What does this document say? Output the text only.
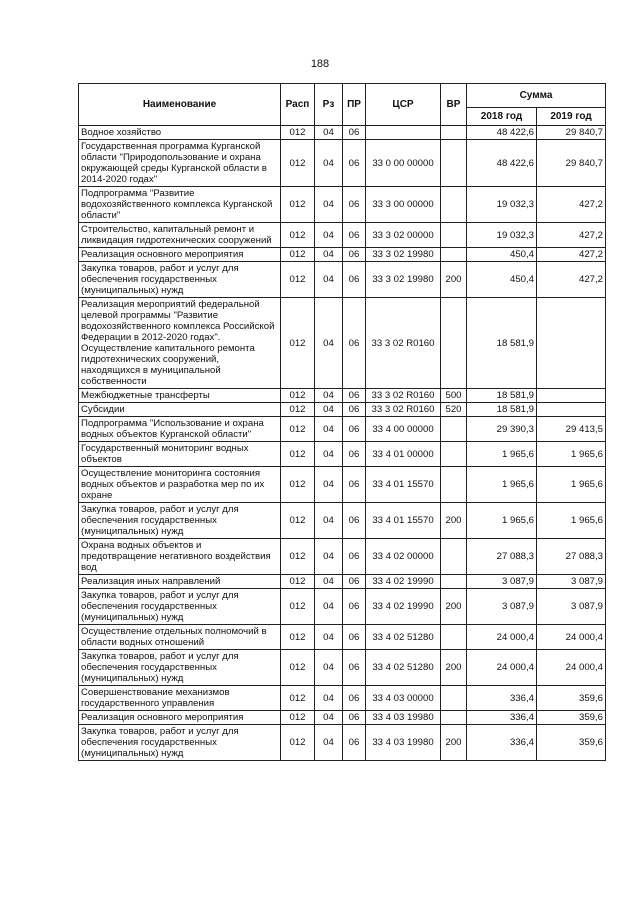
188
Наименование	Расп	Рз	ПР	ЦСР	ВР	Сумма	
						2018 год	2019 год
Водное хозяйство	012	04	06			48 422,6	29 840,7
Государственная программа Курганской области "Природопользование и охрана окружающей среды Курганской области в 2014-2020 годах"	012	04	06	33 0 00 00000		48 422,6	29 840,7
Подпрограмма "Развитие водохозяйственного комплекса Курганской области"	012	04	06	33 3 00 00000		19 032,3	427,2
Строительство, капитальный ремонт и ликвидация гидротехнических сооружений	012	04	06	33 3 02 00000		19 032,3	427,2
Реализация основного мероприятия	012	04	06	33 3 02 19980		450,4	427,2
Закупка товаров, работ и услуг для обеспечения государственных (муниципальных) нужд	012	04	06	33 3 02 19980	200	450,4	427,2
Реализация мероприятий федеральной целевой программы "Развитие водохозяйственного комплекса Российской Федерации в 2012-2020 годах". Осуществление капитального ремонта гидротехнических сооружений, находящихся в муниципальной собственности	012	04	06	33 3 02 R0160		18 581,9	
Межбюджетные трансферты	012	04	06	33 3 02 R0160	500	18 581,9	
Субсидии	012	04	06	33 3 02 R0160	520	18 581,9	
Подпрограмма "Использование и охрана водных объектов Курганской области"	012	04	06	33 4 00 00000		29 390,3	29 413,5
Государственный мониторинг водных объектов	012	04	06	33 4 01 00000		1 965,6	1 965,6
Осуществление мониторинга состояния водных объектов и разработка мер по их охране	012	04	06	33 4 01 15570		1 965,6	1 965,6
Закупка товаров, работ и услуг для обеспечения государственных (муниципальных) нужд	012	04	06	33 4 01 15570	200	1 965,6	1 965,6
Охрана водных объектов и предотвращение негативного воздействия вод	012	04	06	33 4 02 00000		27 088,3	27 088,3
Реализация иных направлений	012	04	06	33 4 02 19990		3 087,9	3 087,9
Закупка товаров, работ и услуг для обеспечения государственных (муниципальных) нужд	012	04	06	33 4 02 19990	200	3 087,9	3 087,9
Осуществление отдельных полномочий в области водных отношений	012	04	06	33 4 02 51280		24 000,4	24 000,4
Закупка товаров, работ и услуг для обеспечения государственных (муниципальных) нужд	012	04	06	33 4 02 51280	200	24 000,4	24 000,4
Совершенствование механизмов государственного управления	012	04	06	33 4 03 00000		336,4	359,6
Реализация основного мероприятия	012	04	06	33 4 03 19980		336,4	359,6
Закупка товаров, работ и услуг для обеспечения государственных (муниципальных) нужд	012	04	06	33 4 03 19980	200	336,4	359,6
